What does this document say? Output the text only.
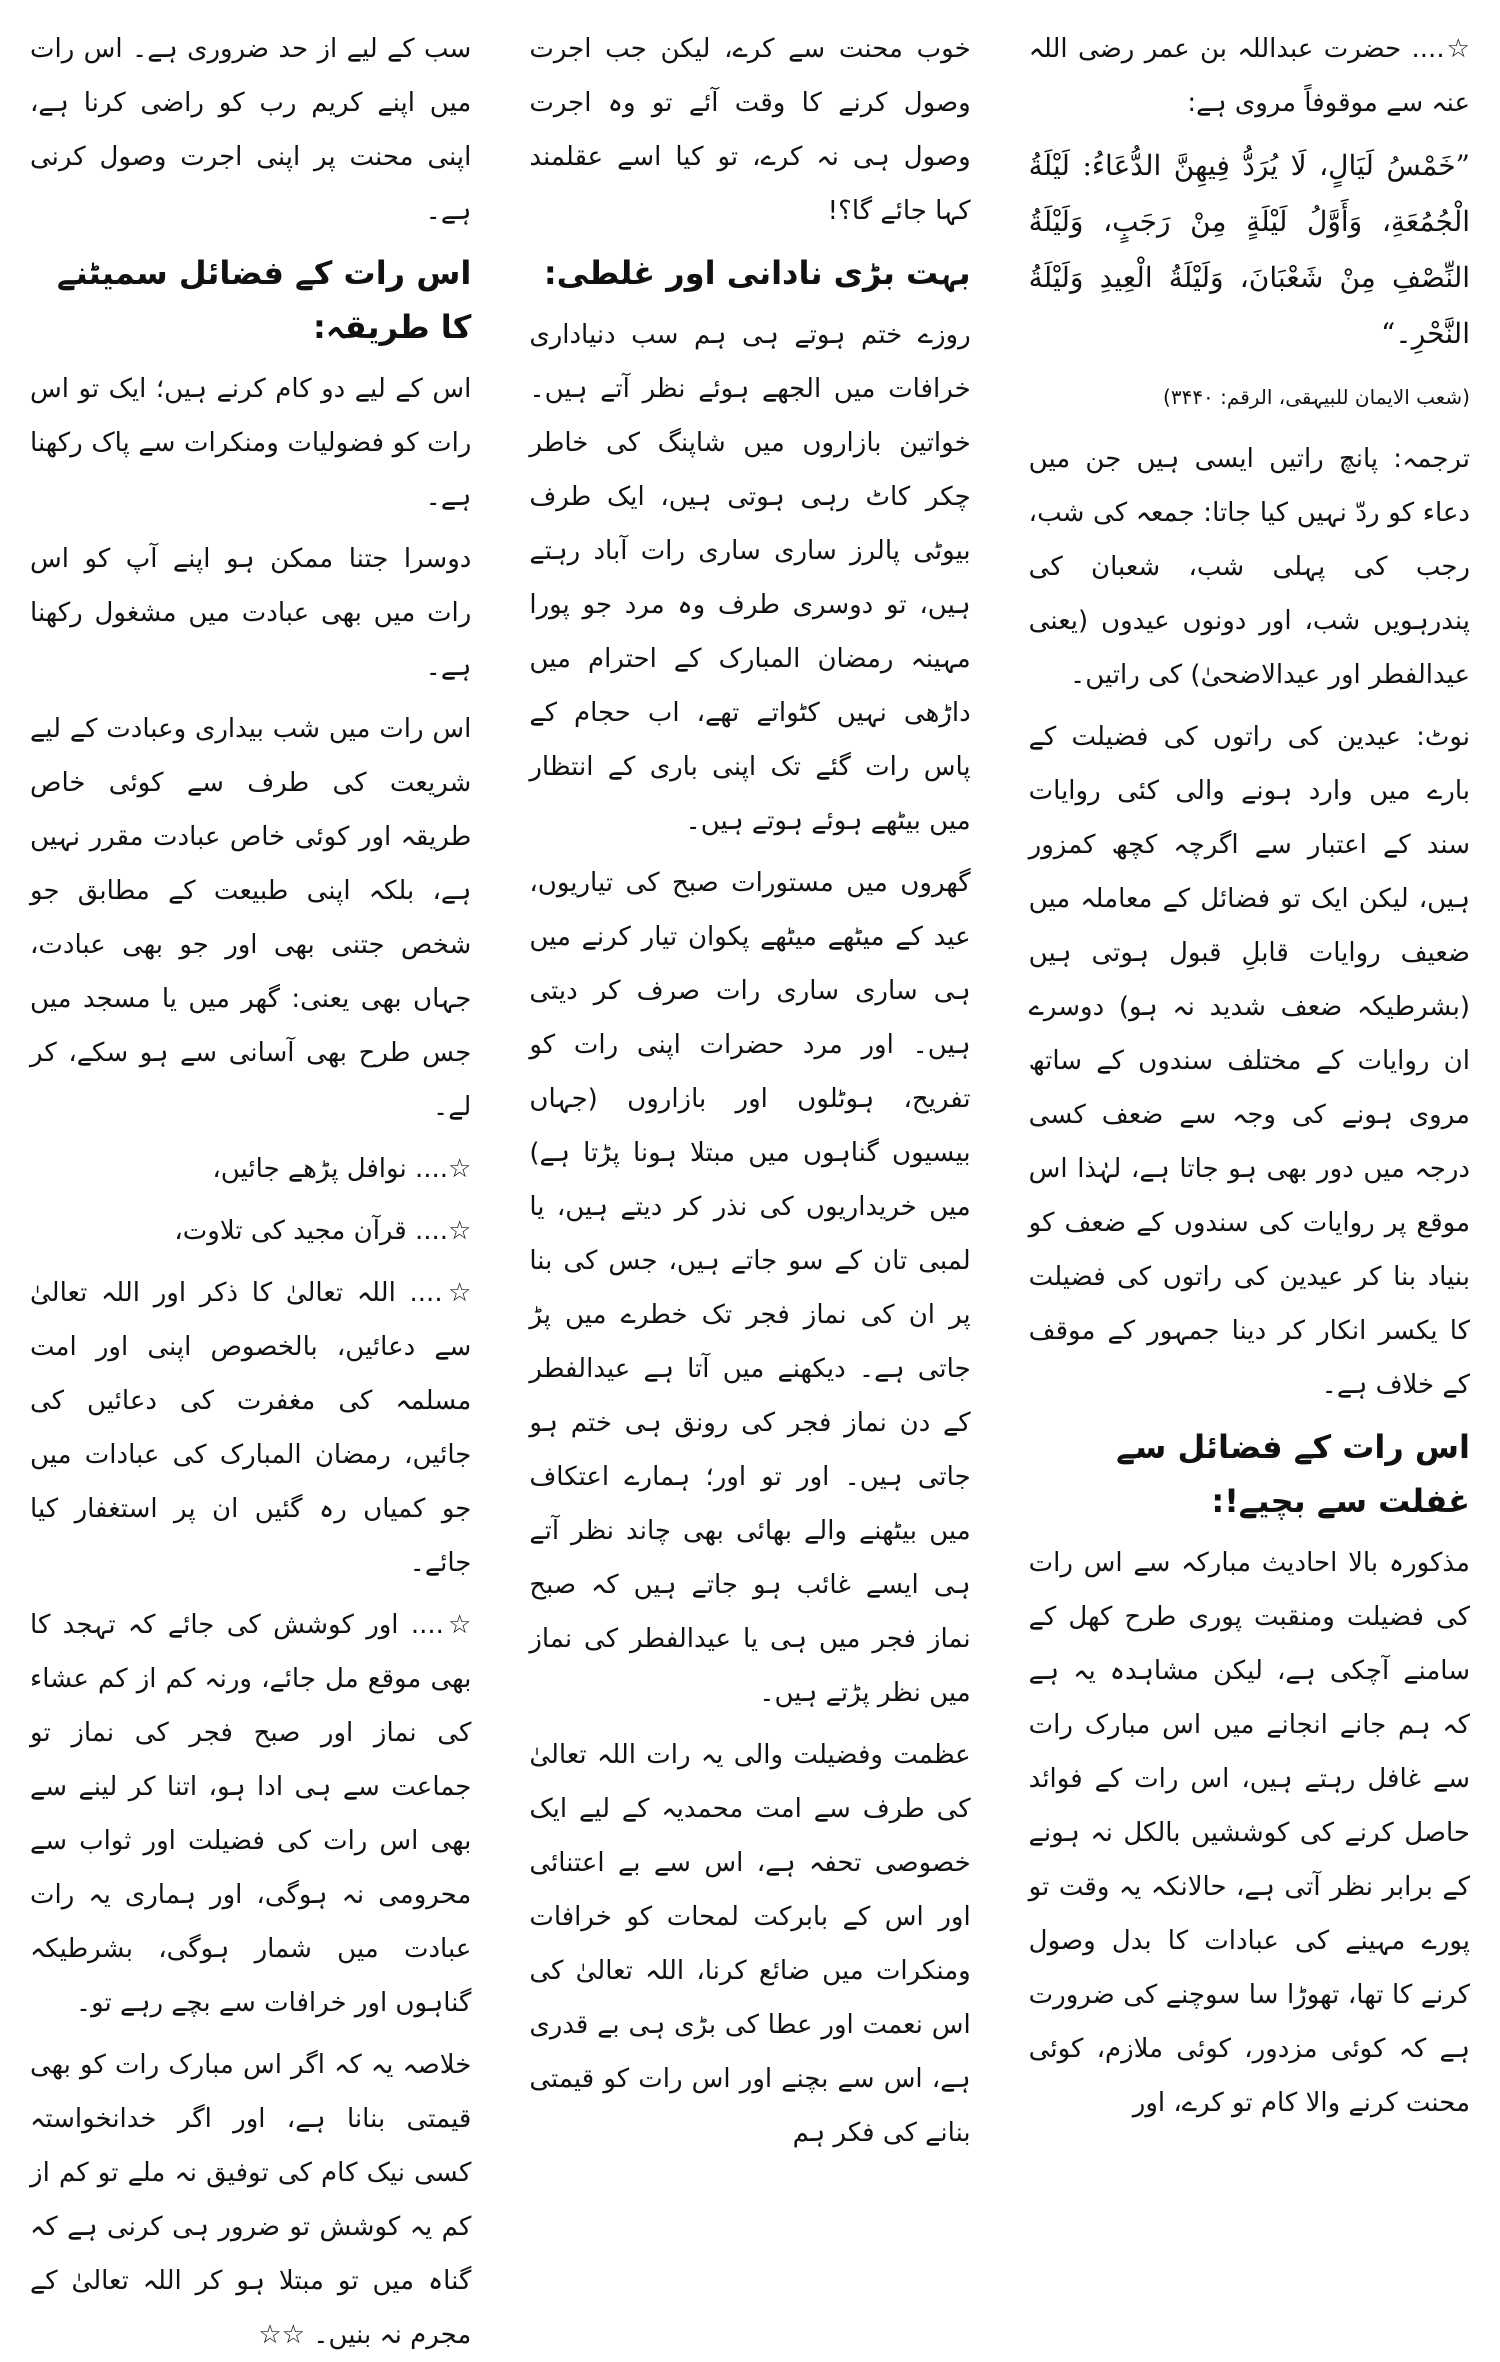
☆.... حضرت عبداللہ بن عمر رضی اللہ عنہ سے موقوفاً مروی ہے:

”خَمْسُ لَيَالٍ، لَا يُرَدُّ فِيهِنَّ الدُّعَاءُ: لَيْلَةُ الْجُمُعَةِ، وَأَوَّلُ لَيْلَةٍ مِنْ رَجَبٍ، وَلَيْلَةُ النِّصْفِ مِنْ شَعْبَانَ، وَلَيْلَةُ الْعِيدِ وَلَيْلَةُ النَّحْرِ۔“

(شعب الایمان للبیہقی، الرقم: ۳۴۴۰)

ترجمہ: پانچ راتیں ایسی ہیں جن میں دعاء کو ردّ نہیں کیا جاتا: جمعہ کی شب، رجب کی پہلی شب، شعبان کی پندرہویں شب، اور دونوں عیدوں (یعنی عیدالفطر اور عیدالاضحیٰ) کی راتیں۔

نوٹ: عیدین کی راتوں کی فضیلت کے بارے میں وارد ہونے والی کئی روایات سند کے اعتبار سے اگرچہ کچھ کمزور ہیں، لیکن ایک تو فضائل کے معاملہ میں ضعیف روایات قابلِ قبول ہوتی ہیں (بشرطیکہ ضعف شدید نہ ہو) دوسرے ان روایات کے مختلف سندوں کے ساتھ مروی ہونے کی وجہ سے ضعف کسی درجہ میں دور بھی ہو جاتا ہے، لہٰذا اس موقع پر روایات کی سندوں کے ضعف کو بنیاد بنا کر عیدین کی راتوں کی فضیلت کا یکسر انکار کر دینا جمہور کے موقف کے خلاف ہے۔

اس رات کے فضائل سے غفلت سے بچیے!:

مذکورہ بالا احادیث مبارکہ سے اس رات کی فضیلت ومنقبت پوری طرح کھل کے سامنے آچکی ہے، لیکن مشاہدہ یہ ہے کہ ہم جانے انجانے میں اس مبارک رات سے غافل رہتے ہیں، اس رات کے فوائد حاصل کرنے کی کوششیں بالکل نہ ہونے کے برابر نظر آتی ہے، حالانکہ یہ وقت تو پورے مہینے کی عبادات کا بدل وصول کرنے کا تھا، تھوڑا سا سوچنے کی ضرورت ہے کہ کوئی مزدور، کوئی ملازم، کوئی محنت کرنے والا کام تو کرے، اور

خوب محنت سے کرے، لیکن جب اجرت وصول کرنے کا وقت آئے تو وہ اجرت وصول ہی نہ کرے، تو کیا اسے عقلمند کہا جائے گا؟!

بہت بڑی نادانی اور غلطی:

روزے ختم ہوتے ہی ہم سب دنیاداری خرافات میں الجھے ہوئے نظر آتے ہیں۔ خواتین بازاروں میں شاپنگ کی خاطر چکر کاٹ رہی ہوتی ہیں، ایک طرف بیوٹی پالرز ساری ساری رات آباد رہتے ہیں، تو دوسری طرف وہ مرد جو پورا مہینہ رمضان المبارک کے احترام میں داڑھی نہیں کٹواتے تھے، اب حجام کے پاس رات گئے تک اپنی باری کے انتظار میں بیٹھے ہوئے ہوتے ہیں۔

گھروں میں مستورات صبح کی تیاریوں، عید کے میٹھے میٹھے پکوان تیار کرنے میں ہی ساری ساری رات صرف کر دیتی ہیں۔ اور مرد حضرات اپنی رات کو تفریح، ہوٹلوں اور بازاروں (جہاں بیسیوں گناہوں میں مبتلا ہونا پڑتا ہے) میں خریداریوں کی نذر کر دیتے ہیں، یا لمبی تان کے سو جاتے ہیں، جس کی بنا پر ان کی نماز فجر تک خطرے میں پڑ جاتی ہے۔ دیکھنے میں آتا ہے عیدالفطر کے دن نماز فجر کی رونق ہی ختم ہو جاتی ہیں۔ اور تو اور؛ ہمارے اعتکاف میں بیٹھنے والے بھائی بھی چاند نظر آتے ہی ایسے غائب ہو جاتے ہیں کہ صبح نماز فجر میں ہی یا عیدالفطر کی نماز میں نظر پڑتے ہیں۔

عظمت وفضیلت والی یہ رات اللہ تعالیٰ کی طرف سے امت محمدیہ کے لیے ایک خصوصی تحفہ ہے، اس سے بے اعتنائی اور اس کے بابرکت لمحات کو خرافات ومنکرات میں ضائع کرنا، اللہ تعالیٰ کی اس نعمت اور عطا کی بڑی ہی بے قدری ہے، اس سے بچنے اور اس رات کو قیمتی بنانے کی فکر ہم

سب کے لیے از حد ضروری ہے۔ اس رات میں اپنے کریم رب کو راضی کرنا ہے، اپنی محنت پر اپنی اجرت وصول کرنی ہے۔

اس رات کے فضائل سمیٹنے کا طریقہ:

اس کے لیے دو کام کرنے ہیں؛ ایک تو اس رات کو فضولیات ومنکرات سے پاک رکھنا ہے۔

دوسرا جتنا ممکن ہو اپنے آپ کو اس رات میں بھی عبادت میں مشغول رکھنا ہے۔

اس رات میں شب بیداری وعبادت کے لیے شریعت کی طرف سے کوئی خاص طریقہ اور کوئی خاص عبادت مقرر نہیں ہے، بلکہ اپنی طبیعت کے مطابق جو شخص جتنی بھی اور جو بھی عبادت، جہاں بھی یعنی: گھر میں یا مسجد میں جس طرح بھی آسانی سے ہو سکے، کر لے۔

☆.... نوافل پڑھے جائیں،

☆.... قرآن مجید کی تلاوت،

☆.... اللہ تعالیٰ کا ذکر اور اللہ تعالیٰ سے دعائیں، بالخصوص اپنی اور امت مسلمہ کی مغفرت کی دعائیں کی جائیں، رمضان المبارک کی عبادات میں جو کمیاں رہ گئیں ان پر استغفار کیا جائے۔

☆.... اور کوشش کی جائے کہ تہجد کا بھی موقع مل جائے، ورنہ کم از کم عشاء کی نماز اور صبح فجر کی نماز تو جماعت سے ہی ادا ہو، اتنا کر لینے سے بھی اس رات کی فضیلت اور ثواب سے محرومی نہ ہوگی، اور ہماری یہ رات عبادت میں شمار ہوگی، بشرطیکہ گناہوں اور خرافات سے بچے رہے تو۔

خلاصہ یہ کہ اگر اس مبارک رات کو بھی قیمتی بنانا ہے، اور اگر خدانخواستہ کسی نیک کام کی توفیق نہ ملے تو کم از کم یہ کوشش تو ضرور ہی کرنی ہے کہ گناہ میں تو مبتلا ہو کر اللہ تعالیٰ کے مجرم نہ بنیں۔ ☆☆
